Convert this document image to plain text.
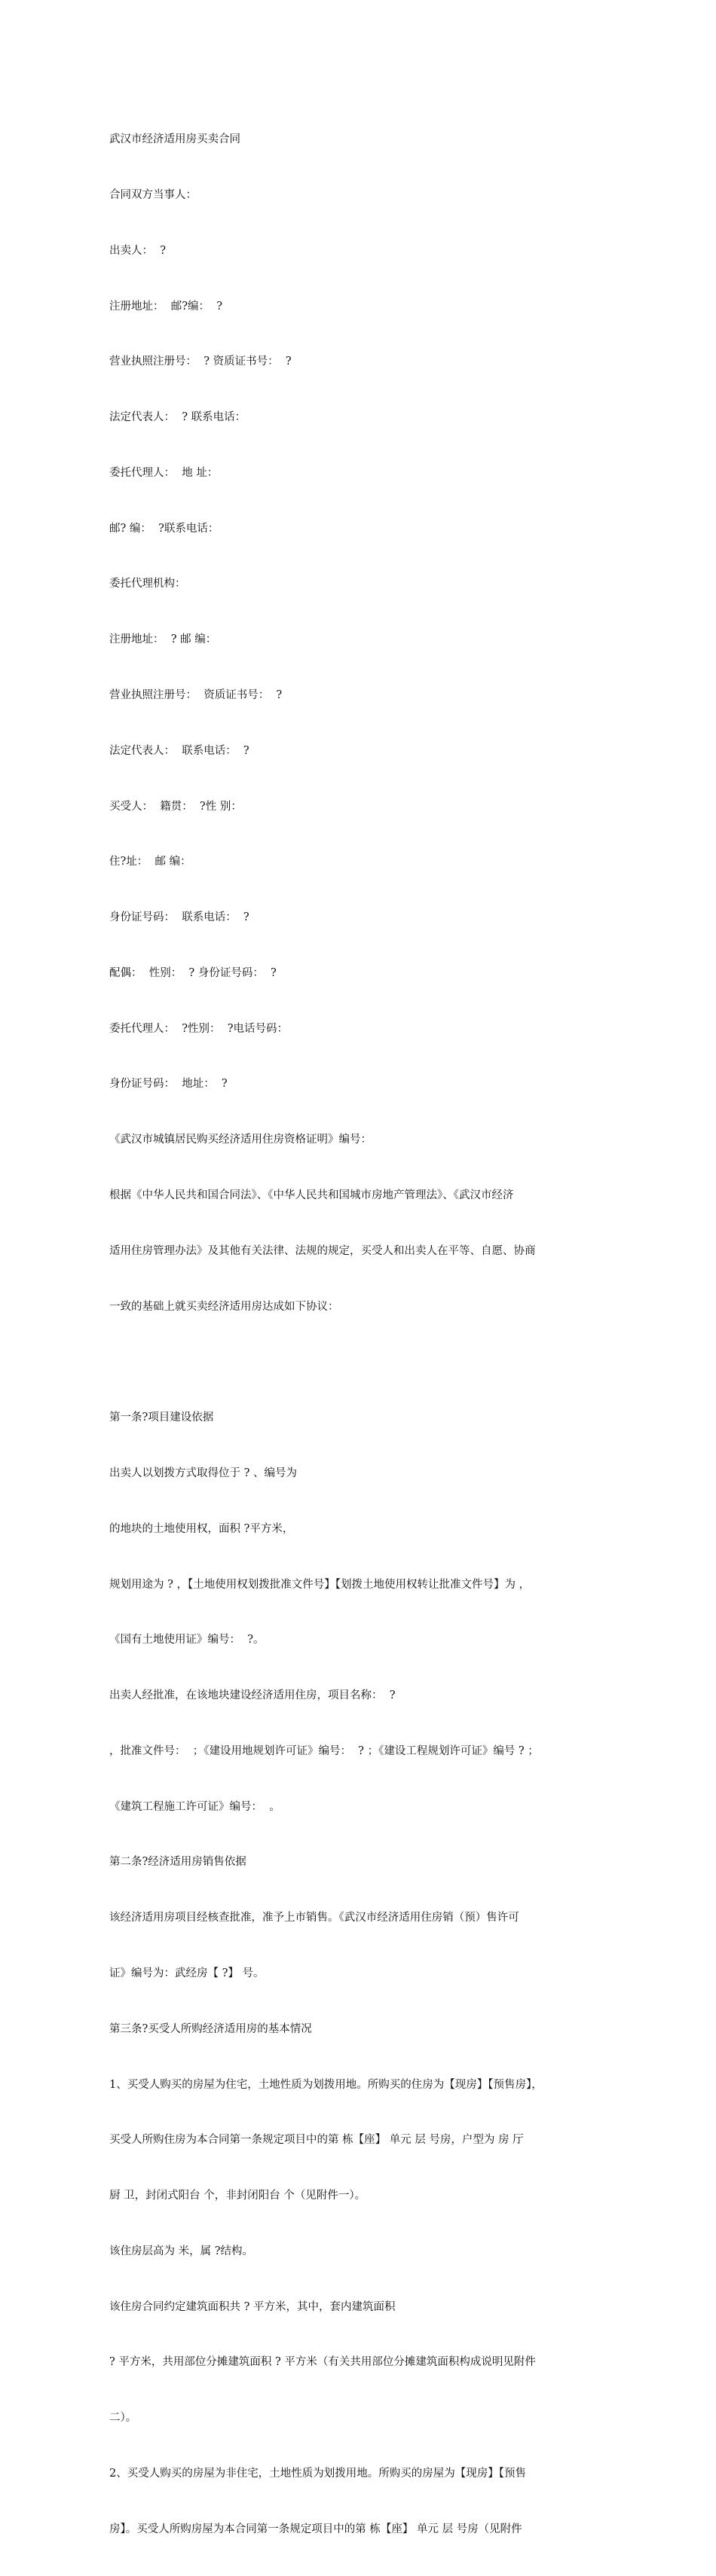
武汉市经济适用房买卖合同

合同双方当事人：

出卖人：  ?

注册地址：  邮?编：  ?

营业执照注册号：  ? 资质证书号：  ?

法定代表人：  ? 联系电话：

委托代理人：  地 址：

邮? 编：  ?联系电话：

委托代理机构：

注册地址：  ? 邮 编：

营业执照注册号：  资质证书号：  ?

法定代表人：  联系电话：  ?

买受人：  籍贯：  ?性 别：

住?址：  邮 编：

身份证号码：  联系电话：  ?

配偶：  性别：  ? 身份证号码：  ?

委托代理人：  ?性别：  ?电话号码：

身份证号码：  地址：  ?

《武汉市城镇居民购买经济适用住房资格证明》编号：

根据《中华人民共和国合同法》、《中华人民共和国城市房地产管理法》、《武汉市经济

适用住房管理办法》及其他有关法律、法规的规定，买受人和出卖人在平等、自愿、协商

一致的基础上就买卖经济适用房达成如下协议：

第一条?项目建设依据

出卖人以划拨方式取得位于 ? 、编号为

的地块的土地使用权，面积 ?平方米，

规划用途为 ? ，【土地使用权划拨批准文件号】【划拨土地使用权转让批准文件号】为 ，

《国有土地使用证》编号：  ?。

出卖人经批准，在该地块建设经济适用住房，项目名称：  ?

，批准文件号：  ；《建设用地规划许可证》编号：  ? ；《建设工程规划许可证》编号 ? ；

《建筑工程施工许可证》编号：  。

第二条?经济适用房销售依据

该经济适用房项目经核查批准，准予上市销售。《武汉市经济适用住房销（预）售许可

证》编号为：武经房【 ?】 号。

第三条?买受人所购经济适用房的基本情况

1、买受人购买的房屋为住宅，土地性质为划拨用地。所购买的住房为【现房】【预售房】，

买受人所购住房为本合同第一条规定项目中的第 栋【座】 单元 层 号房，户型为 房 厅

厨 卫，封闭式阳台 个，非封闭阳台 个（见附件一）。

该住房层高为 米，属 ?结构。

该住房合同约定建筑面积共 ? 平方米，其中，套内建筑面积

? 平方米，共用部位分摊建筑面积 ? 平方米（有关共用部位分摊建筑面积构成说明见附件

二）。

2、买受人购买的房屋为非住宅，土地性质为划拨用地。所购买的房屋为【现房】【预售

房】。买受人所购房屋为本合同第一条规定项目中的第 栋【座】 单元 层 号房（见附件
